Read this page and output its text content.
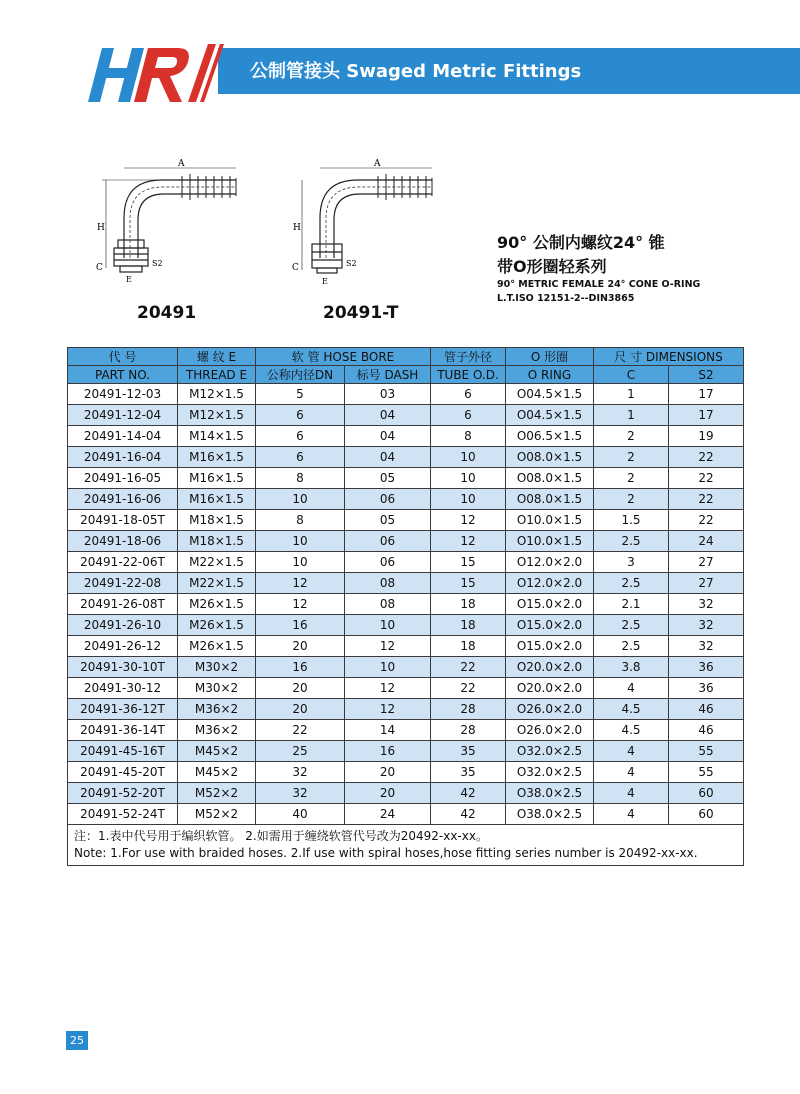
公制管接头 Swaged Metric Fittings
A
H
C
E
S2
20491
A
H
C
E
S2
20491-T
90° 公制内螺纹24° 锥
带O形圈轻系列
90° METRIC FEMALE 24° CONE O-RING
L.T.ISO 12151-2--DIN3865
代 号	螺 纹 E	软 管 HOSE BORE		管子外径	O 形圈	尺 寸 DIMENSIONS	
PART NO.	THREAD E	公称内径DN	标号 DASH	TUBE O.D.	O RING	C	S2
20491-12-03	M12×1.5	5	03	6	O04.5×1.5	1	17
20491-12-04	M12×1.5	6	04	6	O04.5×1.5	1	17
20491-14-04	M14×1.5	6	04	8	O06.5×1.5	2	19
20491-16-04	M16×1.5	6	04	10	O08.0×1.5	2	22
20491-16-05	M16×1.5	8	05	10	O08.0×1.5	2	22
20491-16-06	M16×1.5	10	06	10	O08.0×1.5	2	22
20491-18-05T	M18×1.5	8	05	12	O10.0×1.5	1.5	22
20491-18-06	M18×1.5	10	06	12	O10.0×1.5	2.5	24
20491-22-06T	M22×1.5	10	06	15	O12.0×2.0	3	27
20491-22-08	M22×1.5	12	08	15	O12.0×2.0	2.5	27
20491-26-08T	M26×1.5	12	08	18	O15.0×2.0	2.1	32
20491-26-10	M26×1.5	16	10	18	O15.0×2.0	2.5	32
20491-26-12	M26×1.5	20	12	18	O15.0×2.0	2.5	32
20491-30-10T	M30×2	16	10	22	O20.0×2.0	3.8	36
20491-30-12	M30×2	20	12	22	O20.0×2.0	4	36
20491-36-12T	M36×2	20	12	28	O26.0×2.0	4.5	46
20491-36-14T	M36×2	22	14	28	O26.0×2.0	4.5	46
20491-45-16T	M45×2	25	16	35	O32.0×2.5	4	55
20491-45-20T	M45×2	32	20	35	O32.0×2.5	4	55
20491-52-20T	M52×2	32	20	42	O38.0×2.5	4	60
20491-52-24T	M52×2	40	24	42	O38.0×2.5	4	60

注：1.表中代号用于编织软管。 2.如需用于缠绕软管代号改为20492-xx-xx。
Note: 1.For use with braided hoses. 2.If use with spiral hoses,hose fitting series number is 20492-xx-xx.							
25
